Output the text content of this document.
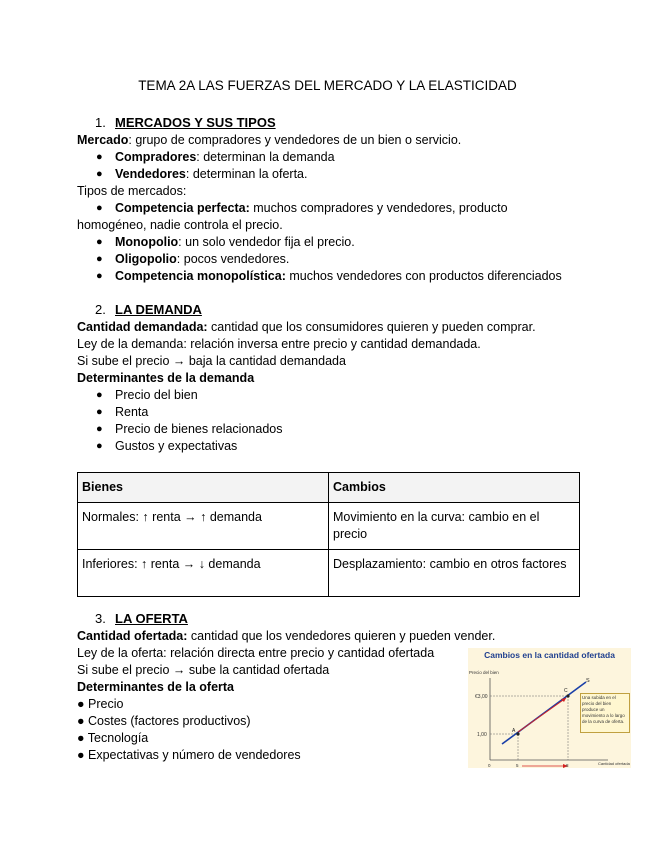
TEMA 2A LAS FUERZAS DEL MERCADO Y LA ELASTICIDAD
1. MERCADOS Y SUS TIPOS
Mercado: grupo de compradores y vendedores de un bien o servicio.
● Compradores: determinan la demanda
● Vendedores: determinan la oferta.
Tipos de mercados:
● Competencia perfecta: muchos compradores y vendedores, producto
homogéneo, nadie controla el precio.
● Monopolio: un solo vendedor fija el precio.
● Oligopolio: pocos vendedores.
● Competencia monopolística: muchos vendedores con productos diferenciados
2. LA DEMANDA
Cantidad demandada: cantidad que los consumidores quieren y pueden comprar.
Ley de la demanda: relación inversa entre precio y cantidad demandada.
Si sube el precio → baja la cantidad demandada
Determinantes de la demanda
● Precio del bien
● Renta
● Precio de bienes relacionados
● Gustos y expectativas
Bienes	Cambios
Normales: ↑ renta → ↑ demanda	Movimiento en la curva: cambio en el precio
Inferiores: ↑ renta → ↓ demanda	Desplazamiento: cambio en otros factores
3. LA OFERTA
Cantidad ofertada: cantidad que los vendedores quieren y pueden vender.
Ley de la oferta: relación directa entre precio y cantidad ofertada
Si sube el precio → sube la cantidad ofertada
Determinantes de la oferta
● Precio
● Costes (factores productivos)
● Tecnología
● Expectativas y número de vendedores
Cambios en la cantidad ofertada
Precio del bien
€3,00
1,00
A
C
S
0	5	8	Cantidad ofertada
Una subida en el precio del bien produce un movimiento a lo largo de la curva de oferta.
